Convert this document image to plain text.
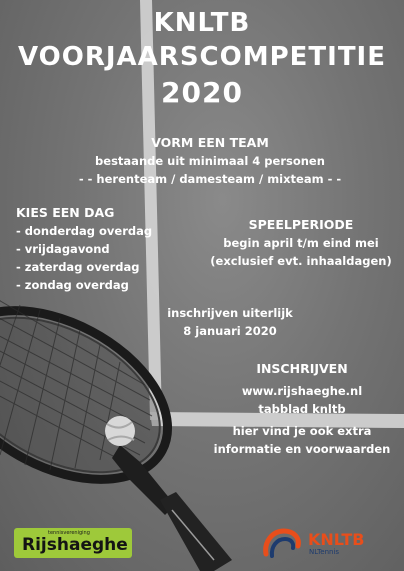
KNLTB
VOORJAARSCOMPETITIE
2020

VORM EEN TEAM

bestaande uit minimaal 4 personen

- - herenteam / damesteam / mixteam - -

KIES EEN DAG

- donderdag overdag
- vrijdagavond
- zaterdag overdag
- zondag overdag

SPEELPERIODE

begin april t/m eind mei

(exclusief evt. inhaaldagen)

inschrijven uiterlijk

8 januari 2020

INSCHRIJVEN

www.rijshaeghe.nl

tabblad knltb

hier vind je ook extra

informatie en voorwaarden

tennisvereniging
Rijshaeghe	KNLTB
NLTennis
